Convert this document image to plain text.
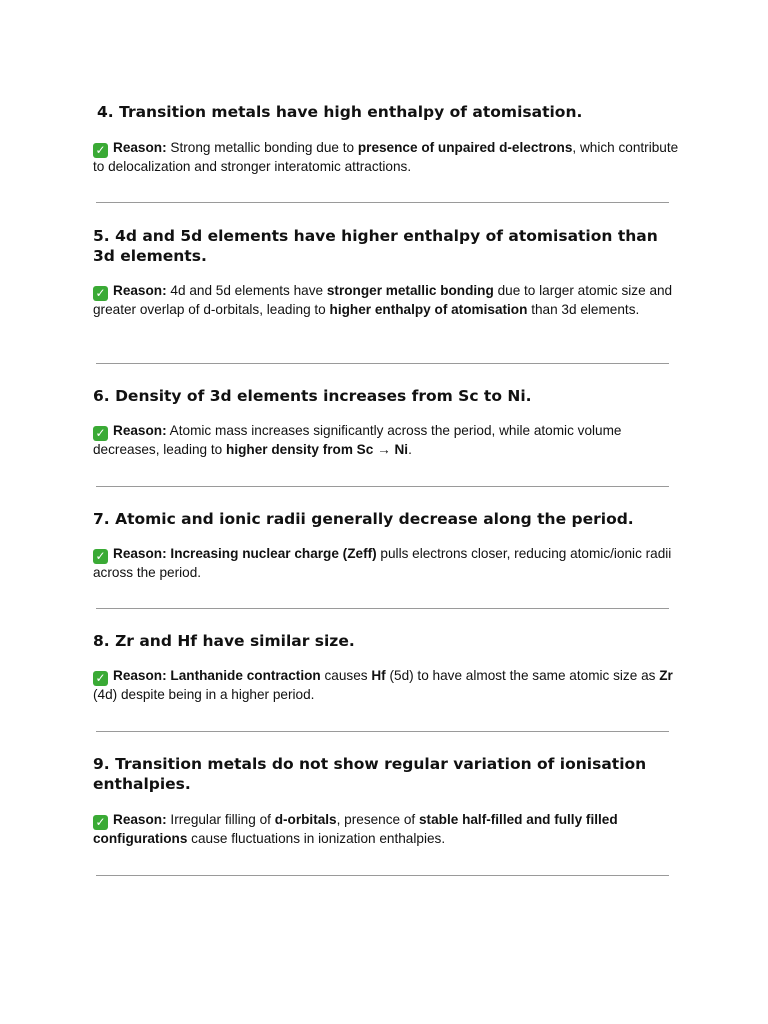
4. Transition metals have high enthalpy of atomisation.

✓ Reason: Strong metallic bonding due to presence of unpaired d-electrons, which contribute to delocalization and stronger interatomic attractions.

5. 4d and 5d elements have higher enthalpy of atomisation than 3d elements.

✓ Reason: 4d and 5d elements have stronger metallic bonding due to larger atomic size and greater overlap of d-orbitals, leading to higher enthalpy of atomisation than 3d elements.

6. Density of 3d elements increases from Sc to Ni.

✓ Reason: Atomic mass increases significantly across the period, while atomic volume decreases, leading to higher density from Sc → Ni.

7. Atomic and ionic radii generally decrease along the period.

✓ Reason: Increasing nuclear charge (Zeff) pulls electrons closer, reducing atomic/ionic radii across the period.

8. Zr and Hf have similar size.

✓ Reason: Lanthanide contraction causes Hf (5d) to have almost the same atomic size as Zr (4d) despite being in a higher period.

9. Transition metals do not show regular variation of ionisation enthalpies.

✓ Reason: Irregular filling of d-orbitals, presence of stable half-filled and fully filled configurations cause fluctuations in ionization enthalpies.
